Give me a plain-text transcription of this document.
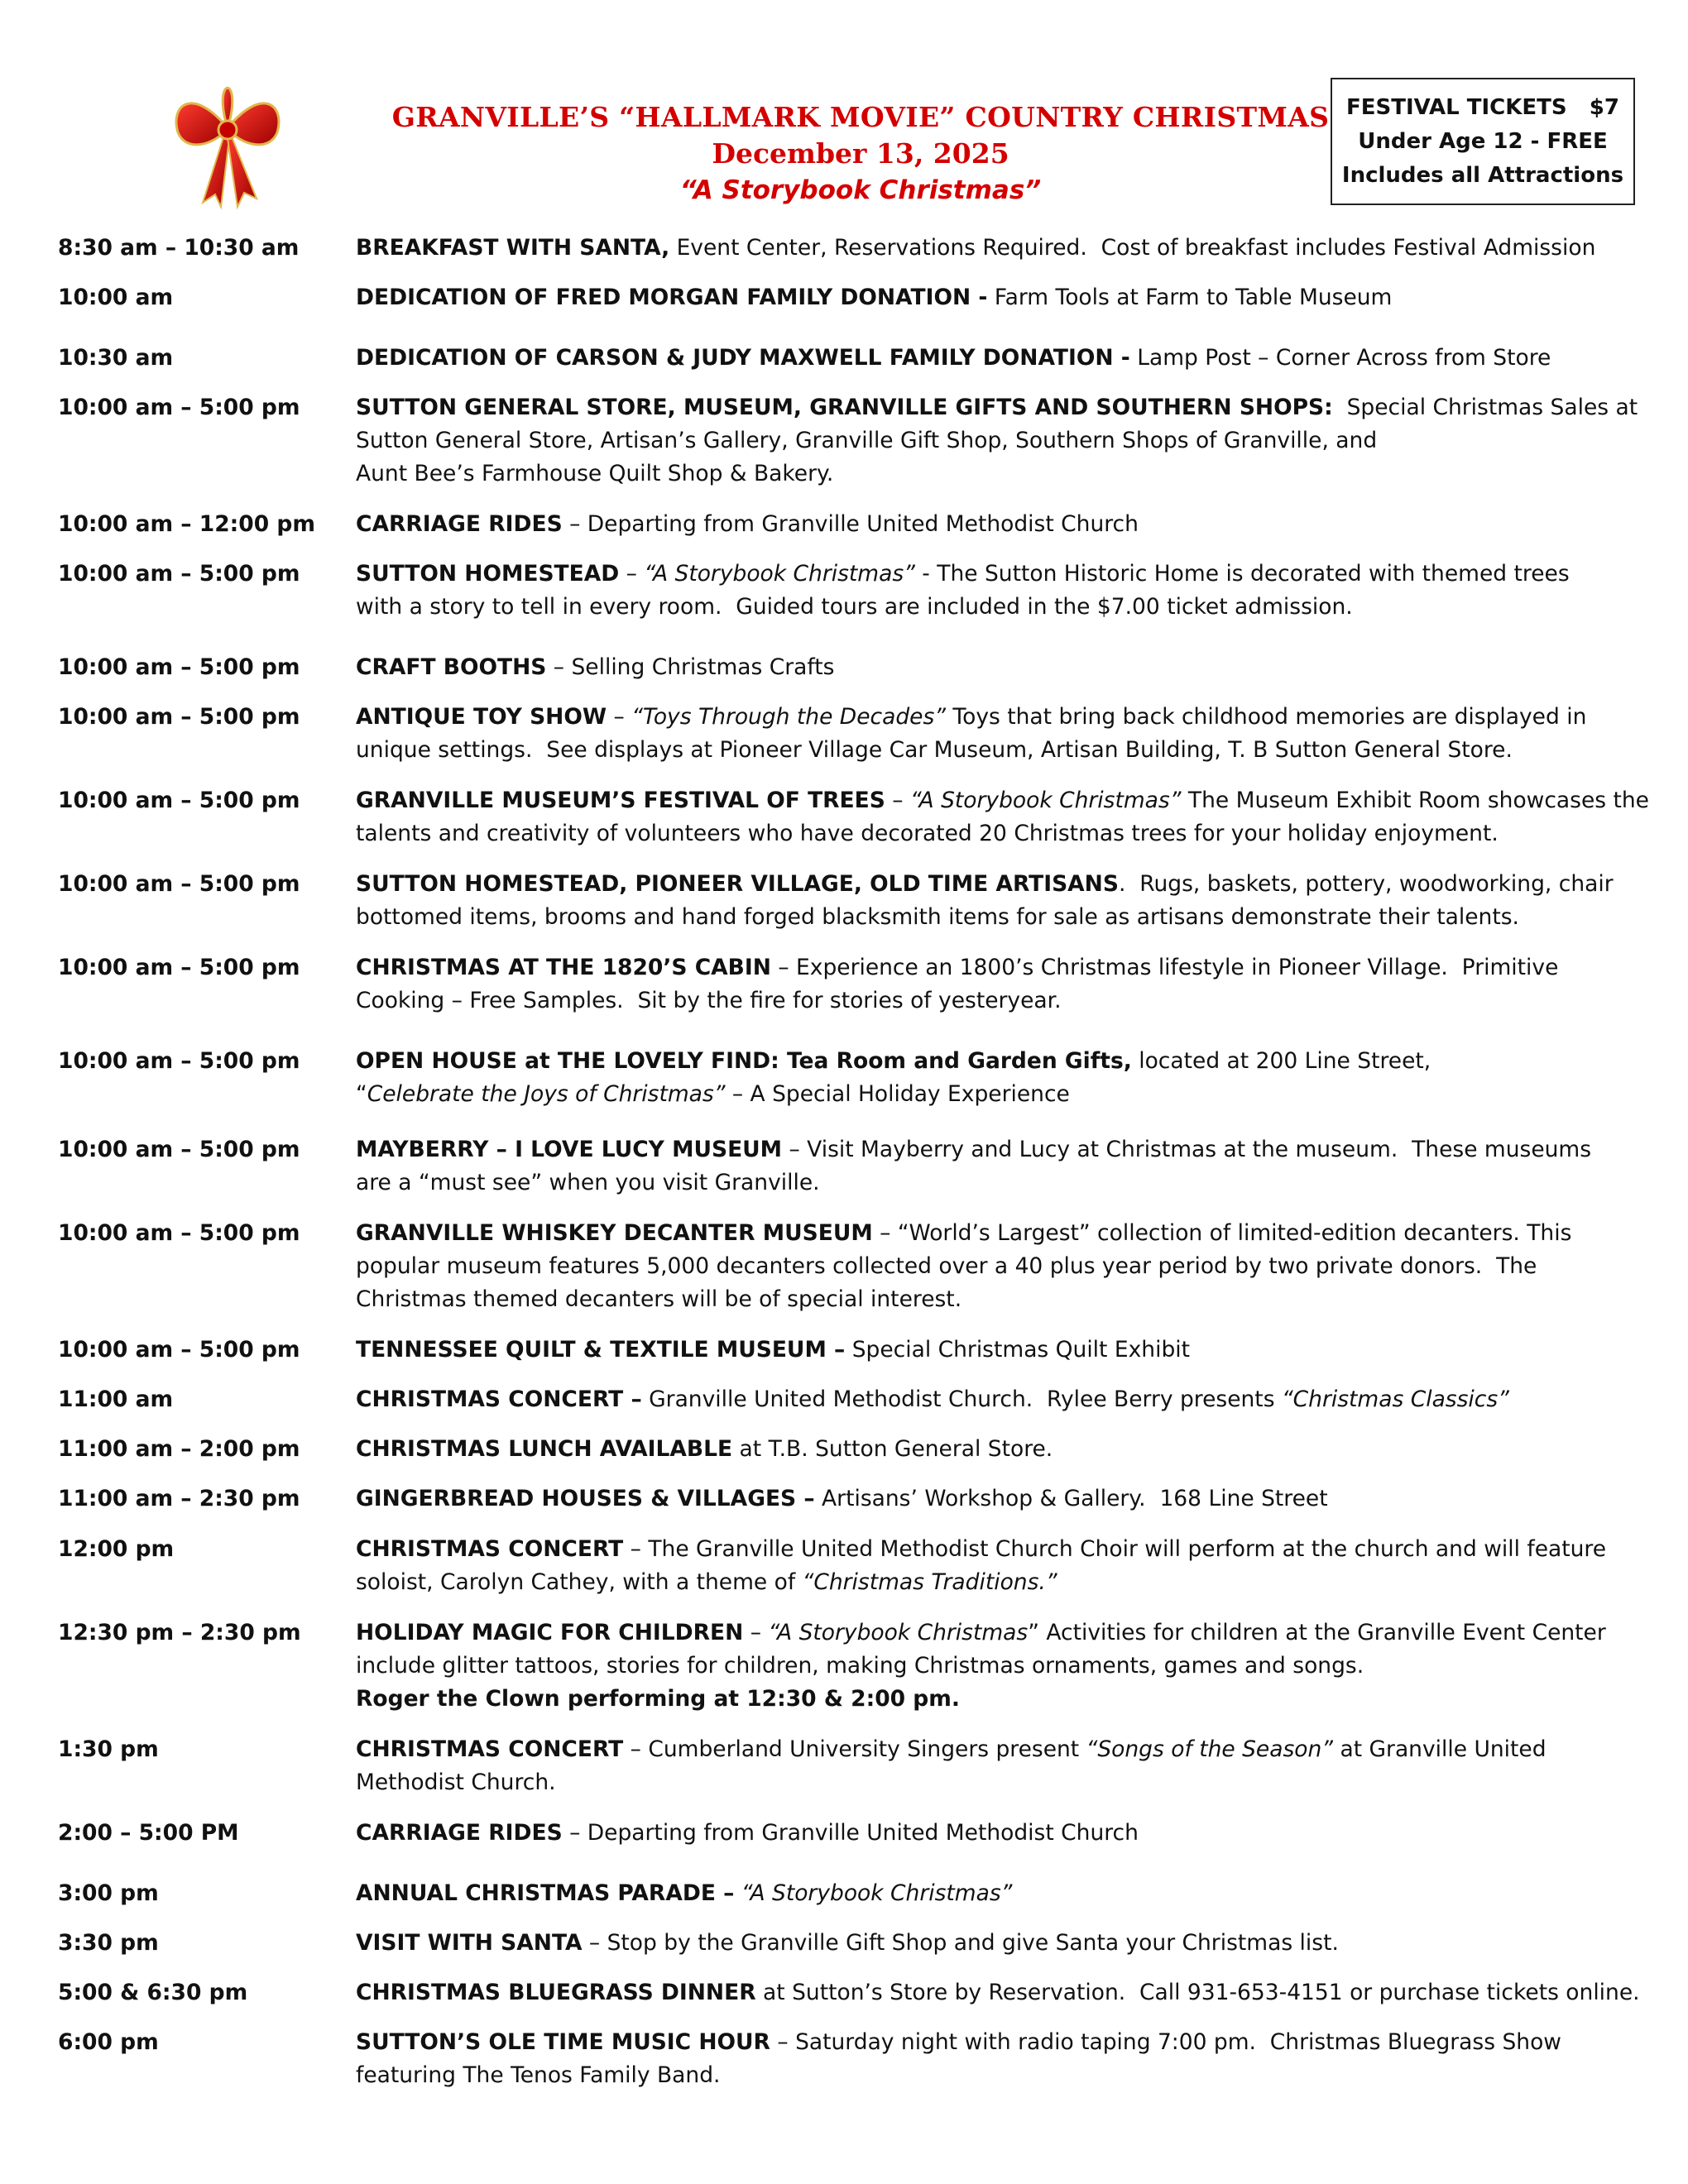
GRANVILLE’S “HALLMARK MOVIE” COUNTRY CHRISTMAS
December 13, 2025
“A Storybook Christmas”
FESTIVAL TICKETS   $7
Under Age 12 - FREE
Includes all Attractions
8:30 am – 10:30 am	BREAKFAST WITH SANTA, Event Center, Reservations Required.  Cost of breakfast includes Festival Admission
10:00 am	DEDICATION OF FRED MORGAN FAMILY DONATION - Farm Tools at Farm to Table Museum
10:30 am	DEDICATION OF CARSON & JUDY MAXWELL FAMILY DONATION - Lamp Post – Corner Across from Store
10:00 am – 5:00 pm	SUTTON GENERAL STORE, MUSEUM, GRANVILLE GIFTS AND SOUTHERN SHOPS:  Special Christmas Sales at
Sutton General Store, Artisan’s Gallery, Granville Gift Shop, Southern Shops of Granville, and
Aunt Bee’s Farmhouse Quilt Shop & Bakery.
10:00 am – 12:00 pm	CARRIAGE RIDES – Departing from Granville United Methodist Church
10:00 am – 5:00 pm	SUTTON HOMESTEAD – “A Storybook Christmas” - The Sutton Historic Home is decorated with themed trees
with a story to tell in every room.  Guided tours are included in the $7.00 ticket admission.
10:00 am – 5:00 pm	CRAFT BOOTHS – Selling Christmas Crafts
10:00 am – 5:00 pm	ANTIQUE TOY SHOW – “Toys Through the Decades” Toys that bring back childhood memories are displayed in
unique settings.  See displays at Pioneer Village Car Museum, Artisan Building, T. B Sutton General Store.
10:00 am – 5:00 pm	GRANVILLE MUSEUM’S FESTIVAL OF TREES – “A Storybook Christmas” The Museum Exhibit Room showcases the
talents and creativity of volunteers who have decorated 20 Christmas trees for your holiday enjoyment.
10:00 am – 5:00 pm	SUTTON HOMESTEAD, PIONEER VILLAGE, OLD TIME ARTISANS.  Rugs, baskets, pottery, woodworking, chair
bottomed items, brooms and hand forged blacksmith items for sale as artisans demonstrate their talents.
10:00 am – 5:00 pm	CHRISTMAS AT THE 1820’S CABIN – Experience an 1800’s Christmas lifestyle in Pioneer Village.  Primitive
Cooking – Free Samples.  Sit by the fire for stories of yesteryear.
10:00 am – 5:00 pm	OPEN HOUSE at THE LOVELY FIND: Tea Room and Garden Gifts, located at 200 Line Street,
“Celebrate the Joys of Christmas” – A Special Holiday Experience
10:00 am – 5:00 pm	MAYBERRY – I LOVE LUCY MUSEUM – Visit Mayberry and Lucy at Christmas at the museum.  These museums
are a “must see” when you visit Granville.
10:00 am – 5:00 pm	GRANVILLE WHISKEY DECANTER MUSEUM – “World’s Largest” collection of limited-edition decanters. This
popular museum features 5,000 decanters collected over a 40 plus year period by two private donors.  The
Christmas themed decanters will be of special interest.
10:00 am – 5:00 pm	TENNESSEE QUILT & TEXTILE MUSEUM – Special Christmas Quilt Exhibit
11:00 am	CHRISTMAS CONCERT – Granville United Methodist Church.  Rylee Berry presents “Christmas Classics”
11:00 am – 2:00 pm	CHRISTMAS LUNCH AVAILABLE at T.B. Sutton General Store.
11:00 am – 2:30 pm	GINGERBREAD HOUSES & VILLAGES – Artisans’ Workshop & Gallery.  168 Line Street
12:00 pm	CHRISTMAS CONCERT – The Granville United Methodist Church Choir will perform at the church and will feature
soloist, Carolyn Cathey, with a theme of “Christmas Traditions.”
12:30 pm – 2:30 pm	HOLIDAY MAGIC FOR CHILDREN – “A Storybook Christmas” Activities for children at the Granville Event Center
include glitter tattoos, stories for children, making Christmas ornaments, games and songs.
Roger the Clown performing at 12:30 & 2:00 pm.
1:30 pm	CHRISTMAS CONCERT – Cumberland University Singers present “Songs of the Season” at Granville United
Methodist Church.
2:00 – 5:00 PM	CARRIAGE RIDES – Departing from Granville United Methodist Church
3:00 pm	ANNUAL CHRISTMAS PARADE – “A Storybook Christmas”
3:30 pm	VISIT WITH SANTA – Stop by the Granville Gift Shop and give Santa your Christmas list.
5:00 & 6:30 pm	CHRISTMAS BLUEGRASS DINNER at Sutton’s Store by Reservation.  Call 931-653-4151 or purchase tickets online.
6:00 pm	SUTTON’S OLE TIME MUSIC HOUR – Saturday night with radio taping 7:00 pm.  Christmas Bluegrass Show
featuring The Tenos Family Band.
